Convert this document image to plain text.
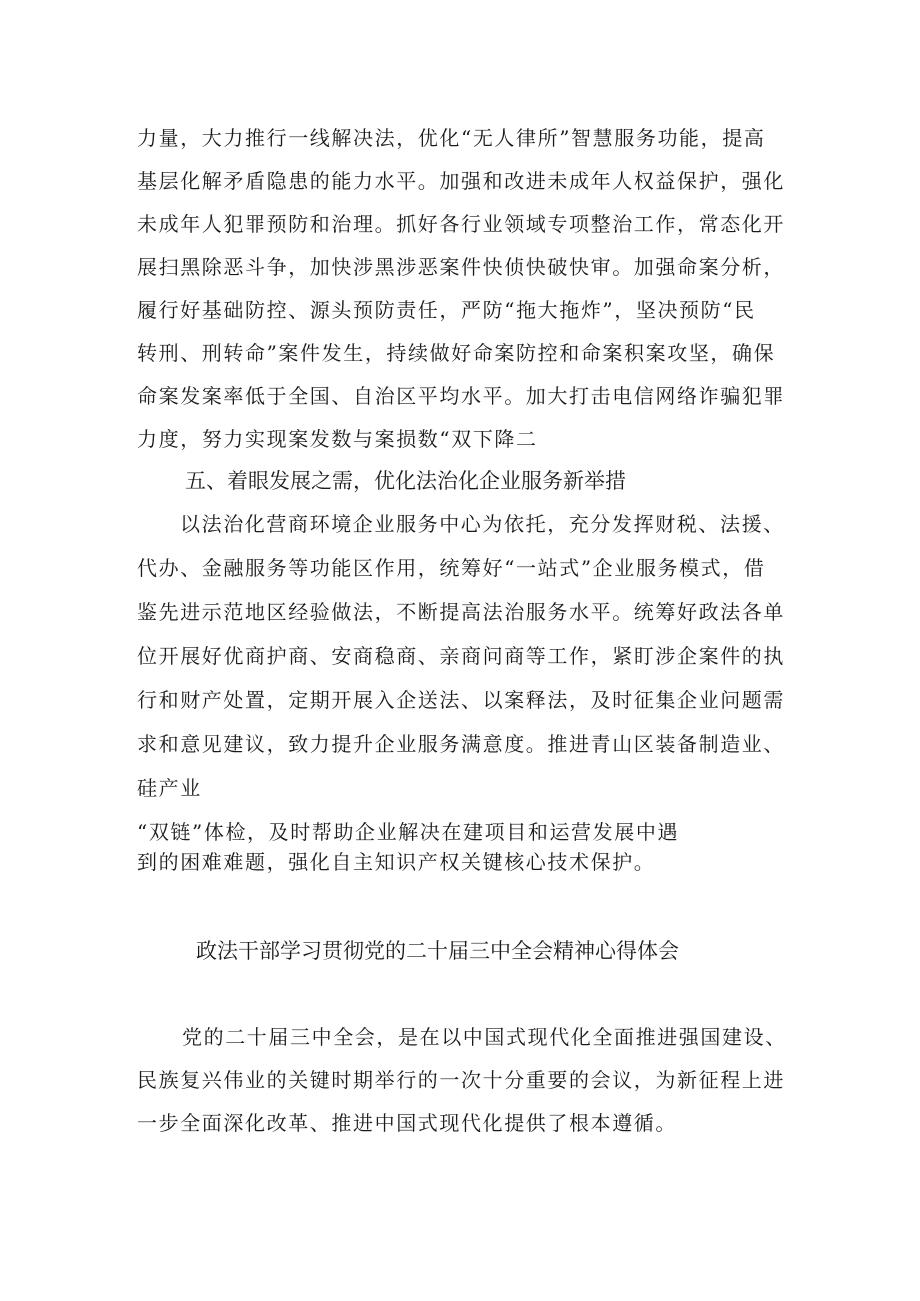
力量，大力推行一线解决法，优化“无人律所”智慧服务功能，提高
基层化解矛盾隐患的能力水平。加强和改进未成年人权益保护，强化
未成年人犯罪预防和治理。抓好各行业领域专项整治工作，常态化开
展扫黑除恶斗争，加快涉黑涉恶案件快侦快破快审。加强命案分析，
履行好基础防控、源头预防责任，严防“拖大拖炸”，坚决预防“民
转刑、刑转命”案件发生，持续做好命案防控和命案积案攻坚，确保
命案发案率低于全国、自治区平均水平。加大打击电信网络诈骗犯罪
力度，努力实现案发数与案损数“双下降二
五、着眼发展之需，优化法治化企业服务新举措
以法治化营商环境企业服务中心为依托，充分发挥财税、法援、
代办、金融服务等功能区作用，统筹好“一站式”企业服务模式，借
鉴先进示范地区经验做法，不断提高法治服务水平。统筹好政法各单
位开展好优商护商、安商稳商、亲商问商等工作，紧盯涉企案件的执
行和财产处置，定期开展入企送法、以案释法，及时征集企业问题需
求和意见建议，致力提升企业服务满意度。推进青山区装备制造业、
硅产业
“双链”体检，及时帮助企业解决在建项目和运营发展中遇
到的困难难题，强化自主知识产权关键核心技术保护。
政法干部学习贯彻党的二十届三中全会精神心得体会
党的二十届三中全会，是在以中国式现代化全面推进强国建设、
民族复兴伟业的关键时期举行的一次十分重要的会议，为新征程上进
一步全面深化改革、推进中国式现代化提供了根本遵循。
